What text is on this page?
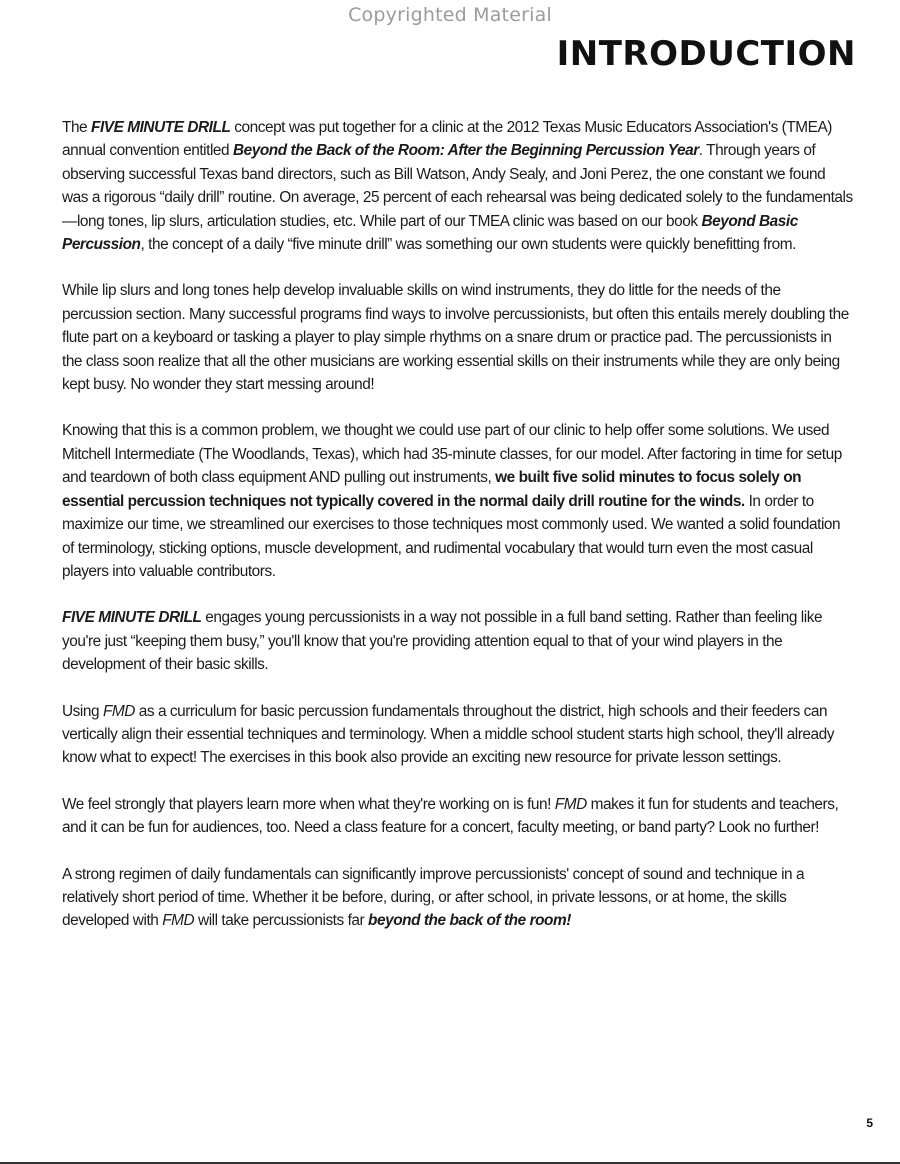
Copyrighted Material
INTRODUCTION

The FIVE MINUTE DRILL concept was put together for a clinic at the 2012 Texas Music Educators Association's (TMEA) annual convention entitled Beyond the Back of the Room: After the Beginning Percussion Year. Through years of observing successful Texas band directors, such as Bill Watson, Andy Sealy, and Joni Perez, the one constant we found was a rigorous “daily drill” routine. On average, 25 percent of each rehearsal was being dedicated solely to the fundamentals—long tones, lip slurs, articulation studies, etc. While part of our TMEA clinic was based on our book Beyond Basic Percussion, the concept of a daily “five minute drill” was something our own students were quickly benefitting from.

While lip slurs and long tones help develop invaluable skills on wind instruments, they do little for the needs of the percussion section. Many successful programs find ways to involve percussionists, but often this entails merely doubling the flute part on a keyboard or tasking a player to play simple rhythms on a snare drum or practice pad. The percussionists in the class soon realize that all the other musicians are working essential skills on their instruments while they are only being kept busy. No wonder they start messing around!

Knowing that this is a common problem, we thought we could use part of our clinic to help offer some solutions. We used Mitchell Intermediate (The Woodlands, Texas), which had 35-minute classes, for our model. After factoring in time for setup and teardown of both class equipment AND pulling out instruments, we built five solid minutes to focus solely on essential percussion techniques not typically covered in the normal daily drill routine for the winds. In order to maximize our time, we streamlined our exercises to those techniques most commonly used. We wanted a solid foundation of terminology, sticking options, muscle development, and rudimental vocabulary that would turn even the most casual players into valuable contributors.

FIVE MINUTE DRILL engages young percussionists in a way not possible in a full band setting. Rather than feeling like you're just “keeping them busy,” you'll know that you're providing attention equal to that of your wind players in the development of their basic skills.

Using FMD as a curriculum for basic percussion fundamentals throughout the district, high schools and their feeders can vertically align their essential techniques and terminology. When a middle school student starts high school, they'll already know what to expect! The exercises in this book also provide an exciting new resource for private lesson settings.

We feel strongly that players learn more when what they're working on is fun! FMD makes it fun for students and teachers, and it can be fun for audiences, too. Need a class feature for a concert, faculty meeting, or band party? Look no further!

A strong regimen of daily fundamentals can significantly improve percussionists' concept of sound and technique in a relatively short period of time. Whether it be before, during, or after school, in private lessons, or at home, the skills developed with FMD will take percussionists far beyond the back of the room!

5
